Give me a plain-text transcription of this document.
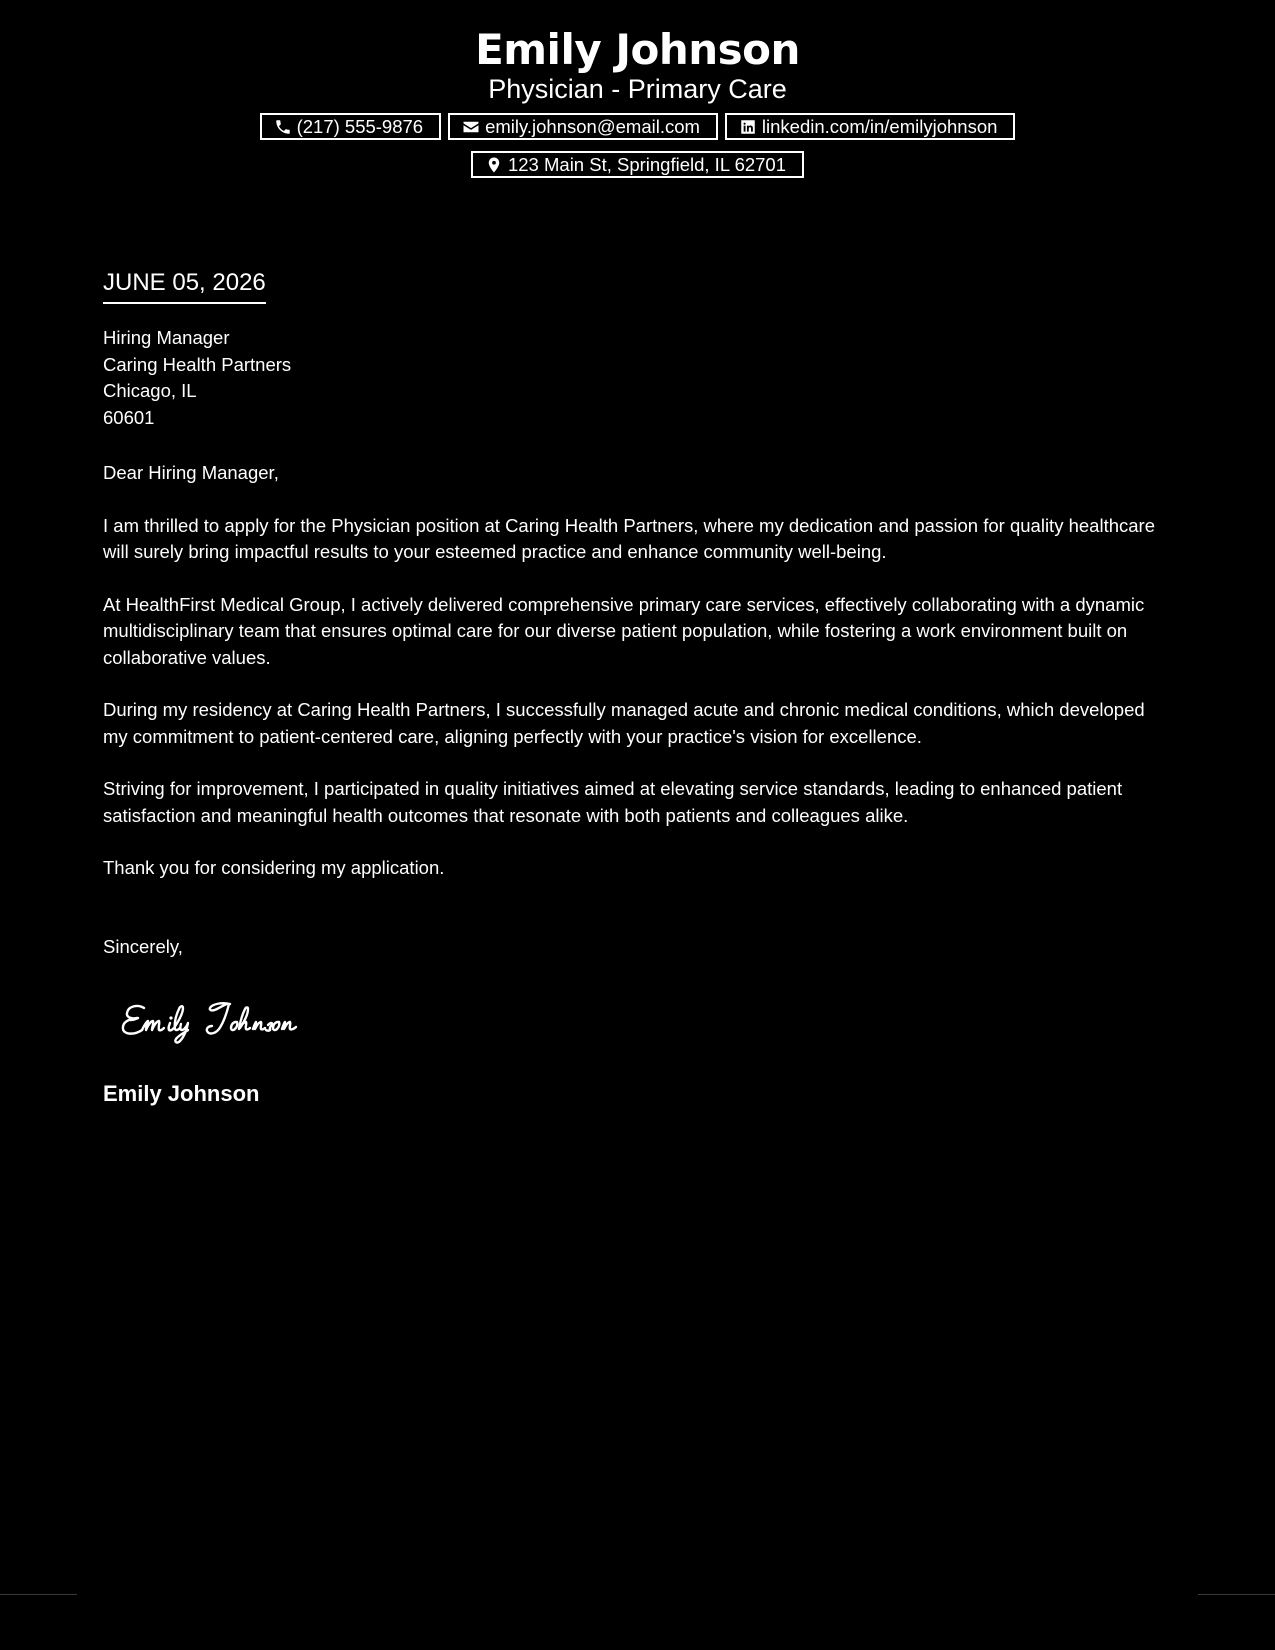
Emily Johnson
Physician - Primary Care
(217) 555-9876	emily.johnson@email.com	linkedin.com/in/emilyjohnson
123 Main St, Springfield, IL 62701
JUNE 05, 2026
Hiring Manager
Caring Health Partners
Chicago, IL
60601

Dear Hiring Manager,

I am thrilled to apply for the Physician position at Caring Health Partners, where my dedication and passion for quality healthcare will surely bring impactful results to your esteemed practice and enhance community well-being.

At HealthFirst Medical Group, I actively delivered comprehensive primary care services, effectively collaborating with a dynamic multidisciplinary team that ensures optimal care for our diverse patient population, while fostering a work environment built on collaborative values.

During my residency at Caring Health Partners, I successfully managed acute and chronic medical conditions, which developed my commitment to patient-centered care, aligning perfectly with your practice's vision for excellence.

Striving for improvement, I participated in quality initiatives aimed at elevating service standards, leading to enhanced patient satisfaction and meaningful health outcomes that resonate with both patients and colleagues alike.

Thank you for considering my application.

Sincerely,
Emily Johnson
